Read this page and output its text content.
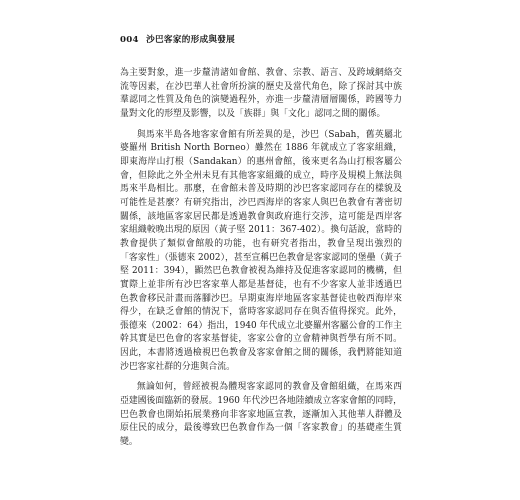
004 沙巴客家的形成與發展

為主要對象，進一步釐清諸如會館、教會、宗教、語言、及跨域網絡交流等因素，在沙巴華人社會所扮演的歷史及當代角色，除了探討其中族羣認同之性質及角色的演變過程外，亦進一步釐清層層關係，跨國等力量對文化的形塑及影響，以及「族群」與「文化」認同之間的關係。

與馬來半島各地客家會館有所差異的是，沙巴（Sabah，舊英屬北婆羅州 British North Borneo）雖然在 1886 年就成立了客家組織，即東海岸山打根（Sandakan）的惠州會館，後來更名為山打根客屬公會，但除此之外全州未見有其他客家組織的成立，時序及規模上無法與馬來半島相比。那麼，在會館未普及時期的沙巴客家認同存在的樣貌及可能性是甚麼？有研究指出，沙巴西海岸的客家人與巴色教會有著密切關係，該地區客家居民都是透過教會與政府進行交涉，這可能是西岸客家組織較晚出現的原因（黃子堅 2011：367-402）。換句話說，當時的教會提供了類似會館般的功能，也有研究者指出，教會呈現出強烈的「客家性」（張德來 2002），甚至宣稱巴色教會是客家認同的堡壘（黃子堅 2011：394），顯然巴色教會被視為維持及促進客家認同的機構，但實際上並非所有沙巴客家華人都是基督徒，也有不少客家人並非透過巴色教會移民計畫而落腳沙巴。早期東海岸地區客家基督徒也較西海岸來得少，在缺乏會館的情況下，當時客家認同存在與否值得探究。此外，張德來（2002：64）指出，1940 年代成立北婆羅州客屬公會的工作主幹其實是巴色會的客家基督徒，客家公會的立會精神與哲學有所不同。因此，本書將透過檢視巴色教會及客家會館之間的關係，我們將能知道沙巴客家社群的分進與合流。

無論如何，曾經被視為體現客家認同的教會及會館組織，在馬來西亞建國後面臨新的發展。1960 年代沙巴各地陸續成立客家會館的同時，巴色教會也開始拓展業務向非客家地區宣教，逐漸加入其他華人群體及原住民的成分，最後導致巴色教會作為一個「客家教會」的基礎產生質變。
